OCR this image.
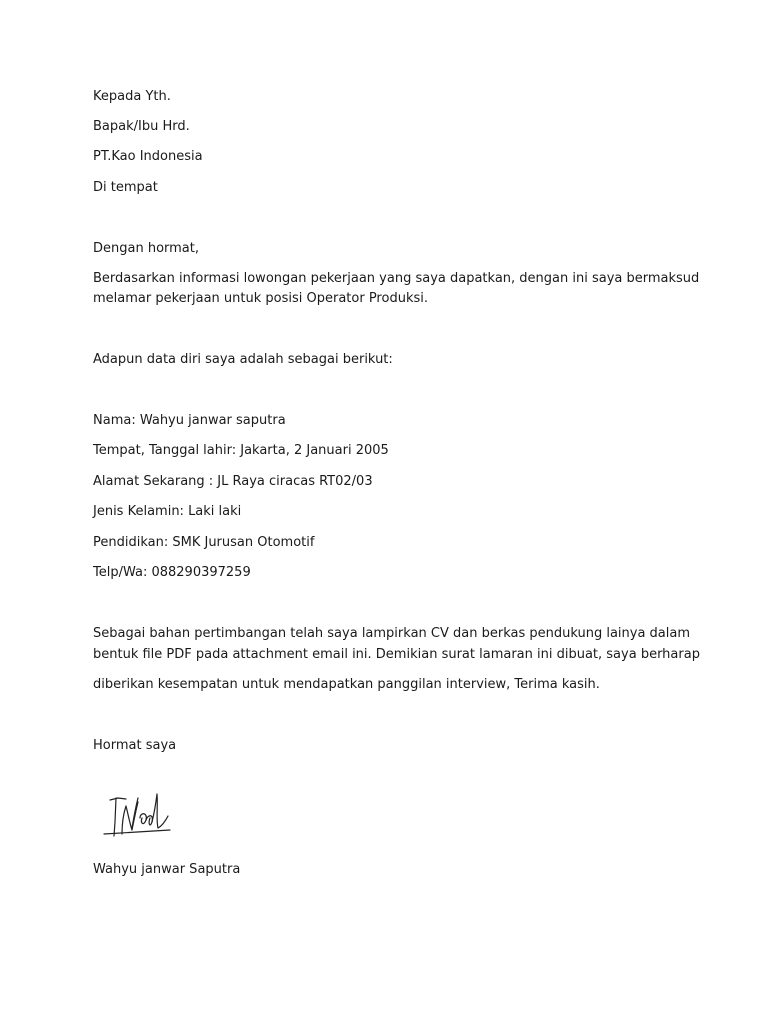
Kepada Yth.
Bapak/Ibu Hrd.
PT.Kao Indonesia
Di tempat
Dengan hormat,
Berdasarkan informasi lowongan pekerjaan yang saya dapatkan, dengan ini saya bermaksud
melamar pekerjaan untuk posisi Operator Produksi.
Adapun data diri saya adalah sebagai berikut:
Nama: Wahyu janwar saputra
Tempat, Tanggal lahir: Jakarta, 2 Januari 2005
Alamat Sekarang : JL Raya ciracas RT02/03
Jenis Kelamin: Laki laki
Pendidikan: SMK Jurusan Otomotif
Telp/Wa: 088290397259
Sebagai bahan pertimbangan telah saya lampirkan CV dan berkas pendukung lainya dalam
bentuk file PDF pada attachment email ini. Demikian surat lamaran ini dibuat, saya berharap
diberikan kesempatan untuk mendapatkan panggilan interview, Terima kasih.
Hormat saya
Wahyu janwar Saputra
